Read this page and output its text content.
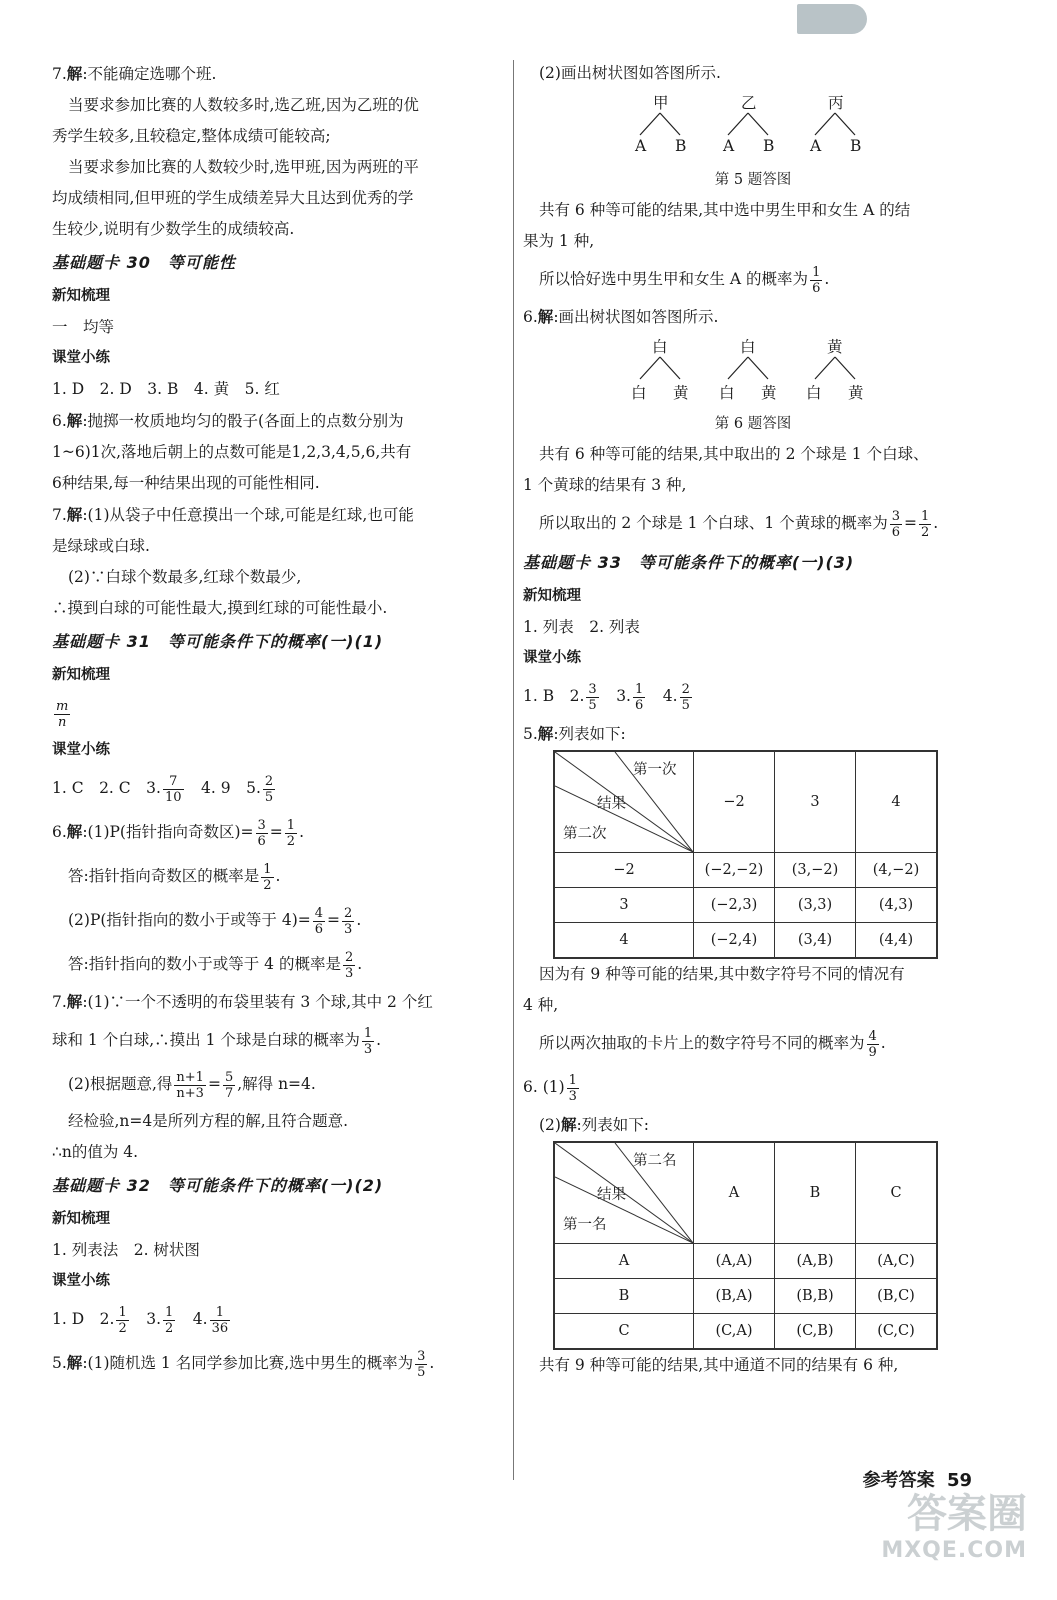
7.解:不能确定选哪个班.
当要求参加比赛的人数较多时,选乙班,因为乙班的优
秀学生较多,且较稳定,整体成绩可能较高;
当要求参加比赛的人数较少时,选甲班,因为两班的平
均成绩相同,但甲班的学生成绩差异大且达到优秀的学
生较少,说明有少数学生的成绩较高.
基础题卡 30　等可能性
新知梳理
一　均等
课堂小练
1. D　2. D　3. B　4. 黄　5. 红
6.解:抛掷一枚质地均匀的骰子(各面上的点数分别为
1~6)1次,落地后朝上的点数可能是1,2,3,4,5,6,共有
6种结果,每一种结果出现的可能性相同.
7.解:(1)从袋子中任意摸出一个球,可能是红球,也可能
是绿球或白球.
(2)∵白球个数最多,红球个数最少,
∴摸到白球的可能性最大,摸到红球的可能性最小.
基础题卡 31　等可能条件下的概率(一)(1)
新知梳理
$\frac{m}{n}$
课堂小练
1. C　2. C　3. $\frac{7}{10}$ 　4. 9　5. $\frac{2}{5}$
6.解:(1)P(指针指向奇数区)= $\frac{3}{6} = \frac{1}{2}$ .
答:指针指向奇数区的概率是 $\frac{1}{2}$ .
(2)P(指针指向的数小于或等于 $4)= \frac{4}{6} = \frac{2}{3}$ .
答:指针指向的数小于或等于 4 的概率是 $\frac{2}{3}$ .
7.解:(1)∵一个不透明的布袋里装有 3 个球,其中 2 个红
球和 1 个白球,∴摸出 1 个球是白球的概率为 $\frac{1}{3}$ .
(2)根据题意,得 $\frac{n+1}{n+3} = \frac{5}{7}$ ,解得 n=4.
经检验,n=4是所列方程的解,且符合题意.
∴n的值为 4.
基础题卡 32　等可能条件下的概率(一)(2)
新知梳理
1. 列表法　2. 树状图
课堂小练
1. D　2. $\frac{1}{2}$ 　3. $\frac{1}{2}$ 　4. $\frac{1}{36}$
5.解:(1)随机选 1 名同学参加比赛,选中男生的概率为 $\frac{3}{5}$ .
(2)画出树状图如答图所示.
甲	乙	丙
A B A B A B
第 5 题答图
共有 6 种等可能的结果,其中选中男生甲和女生 A 的结
果为 1 种,
所以恰好选中男生甲和女生 A 的概率为 $\frac{1}{6}$ .
6.解:画出树状图如答图所示.
白	白	黄
白 黄 白 黄 白 黄
第 6 题答图
共有 6 种等可能的结果,其中取出的 2 个球是 1 个白球、
1 个黄球的结果有 3 种,
所以取出的 2 个球是 1 个白球、1 个黄球的概率为 $\frac{3}{6} = \frac{1}{2}$ .
基础题卡 33　等可能条件下的概率(一)(3)
新知梳理
1. 列表　2. 列表
课堂小练
1. B　2. $\frac{3}{5}$ 　3. $\frac{1}{6}$ 　4. $\frac{2}{5}$
5.解:列表如下:
第一次
结果
第二次	−2	3	4
−2	(−2,−2)	(3,−2)	(4,−2)
3	(−2,3)	(3,3)	(4,3)
4	(−2,4)	(3,4)	(4,4)
因为有 9 种等可能的结果,其中数字符号不同的情况有
4 种,
所以两次抽取的卡片上的数字符号不同的概率为 $\frac{4}{9}$ .
6. $(1) \frac{1}{3}$
(2)解:列表如下:
第二名
结果
第一名	A	B	C
A	(A,A)	(A,B)	(A,C)
B	(B,A)	(B,B)	(B,C)
C	(C,A)	(C,B)	(C,C)
共有 9 种等可能的结果,其中通道不同的结果有 6 种,
参考答案 59
答案圈
MXQE.COM
